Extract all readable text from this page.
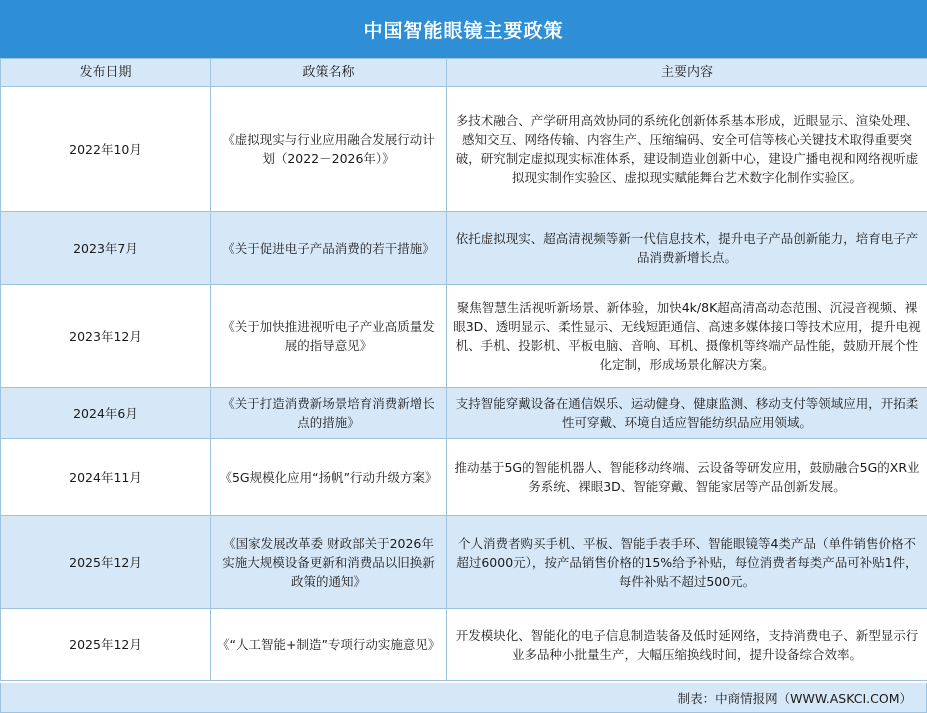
中国智能眼镜主要政策
发布日期	政策名称	主要内容
2022年10月	《虚拟现实与行业应用融合发展行动计划（2022－2026年）》	多技术融合、产学研用高效协同的系统化创新体系基本形成，近眼显示、渲染处理、感知交互、网络传输、内容生产、压缩编码、安全可信等核心关键技术取得重要突破，研究制定虚拟现实标准体系，建设制造业创新中心，建设广播电视和网络视听虚拟现实制作实验区、虚拟现实赋能舞台艺术数字化制作实验区。
2023年7月	《关于促进电子产品消费的若干措施》	依托虚拟现实、超高清视频等新一代信息技术，提升电子产品创新能力，培育电子产品消费新增长点。
2023年12月	《关于加快推进视听电子产业高质量发展的指导意见》	聚焦智慧生活视听新场景、新体验，加快4k/8K超高清高动态范围、沉浸音视频、裸眼3D、透明显示、柔性显示、无线短距通信、高速多媒体接口等技术应用，提升电视机、手机、投影机、平板电脑、音响、耳机、摄像机等终端产品性能，鼓励开展个性化定制，形成场景化解决方案。
2024年6月	《关于打造消费新场景培育消费新增长点的措施》	支持智能穿戴设备在通信娱乐、运动健身、健康监测、移动支付等领域应用，开拓柔性可穿戴、环境自适应智能纺织品应用领域。
2024年11月	《5G规模化应用“扬帆”行动升级方案》	推动基于5G的智能机器人、智能移动终端、云设备等研发应用，鼓励融合5G的XR业务系统、裸眼3D、智能穿戴、智能家居等产品创新发展。
2025年12月	《国家发展改革委 财政部关于2026年实施大规模设备更新和消费品以旧换新政策的通知》	个人消费者购买手机、平板、智能手表手环、智能眼镜等4类产品（单件销售价格不超过6000元），按产品销售价格的15%给予补贴，每位消费者每类产品可补贴1件，每件补贴不超过500元。
2025年12月	《“人工智能+制造”专项行动实施意见》	开发模块化、智能化的电子信息制造装备及低时延网络，支持消费电子、新型显示行业多品种小批量生产，大幅压缩换线时间，提升设备综合效率。
制表：中商情报网（WWW.ASKCI.COM）
